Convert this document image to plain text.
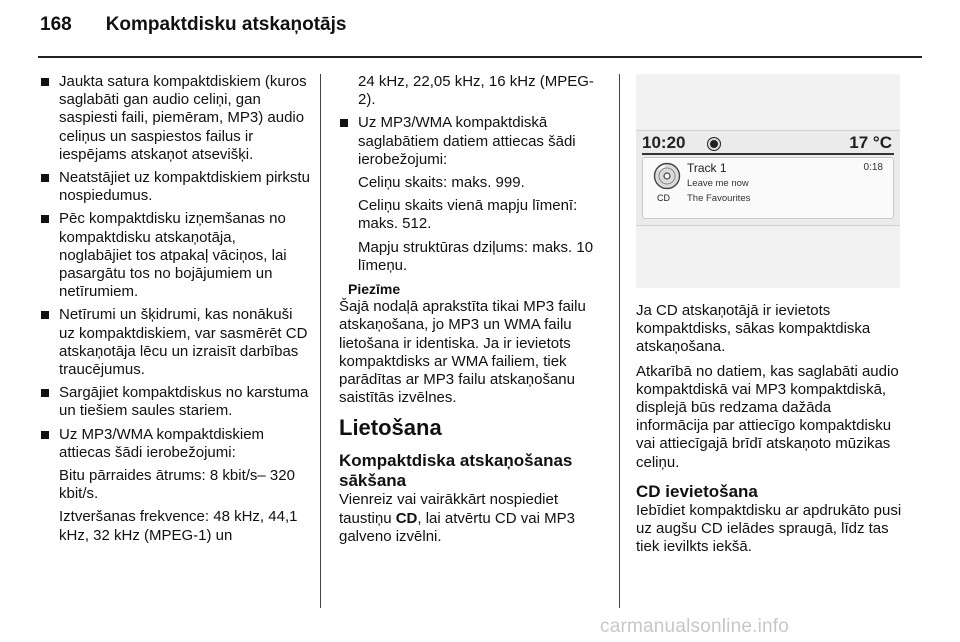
168 Kompaktdisku atskaņotājs
Jaukta satura kompaktdiskiem (kuros saglabāti gan audio celiņi, gan saspiesti faili, piemēram, MP3) audio celiņus un saspiestos failus ir iespējams atskaņot atsevišķi.
Neatstājiet uz kompaktdiskiem pirkstu nospiedumus.
Pēc kompaktdisku izņemšanas no kompaktdisku atskaņotāja, noglabājiet tos atpakaļ vāciņos, lai pasargātu tos no bojājumiem un netīrumiem.
Netīrumi un šķidrumi, kas nonākuši uz kompaktdiskiem, var sasmērēt CD atskaņotāja lēcu un izraisīt darbības traucējumus.
Sargājiet kompaktdiskus no karstuma un tiešiem saules stariem.
Uz MP3/WMA kompaktdiskiem attiecas šādi ierobežojumi:
Bitu pārraides ātrums: 8 kbit/s– 320 kbit/s.
Iztveršanas frekvence: 48 kHz, 44,1 kHz, 32 kHz (MPEG-1) un
24 kHz, 22,05 kHz, 16 kHz (MPEG-2).
Uz MP3/WMA kompaktdiskā saglabātiem datiem attiecas šādi ierobežojumi:
Celiņu skaits: maks. 999.
Celiņu skaits vienā mapju līmenī: maks. 512.
Mapju struktūras dziļums: maks. 10 līmeņu.
Piezīme
Šajā nodaļā aprakstīta tikai MP3 failu atskaņošana, jo MP3 un WMA failu lietošana ir identiska. Ja ir ievietots kompaktdisks ar WMA failiem, tiek parādītas ar MP3 failu atskaņošanu saistītās izvēlnes.
Lietošana
Kompaktdiska atskaņošanas sākšana
Vienreiz vai vairākkārt nospiediet taustiņu CD, lai atvērtu CD vai MP3 galveno izvēlni.
10:20	17 °C
CD
Track 1
Leave me now
The Favourites
0:18
Ja CD atskaņotājā ir ievietots kompaktdisks, sākas kompaktdiska atskaņošana.
Atkarībā no datiem, kas saglabāti audio kompaktdiskā vai MP3 kompaktdiskā, displejā būs redzama dažāda informācija par attiecīgo kompaktdisku vai attiecīgajā brīdī atskaņoto mūzikas celiņu.
CD ievietošana
Iebīdiet kompaktdisku ar apdrukāto pusi uz augšu CD ielādes spraugā, līdz tas tiek ievilkts iekšā.
carmanualsonline.info
